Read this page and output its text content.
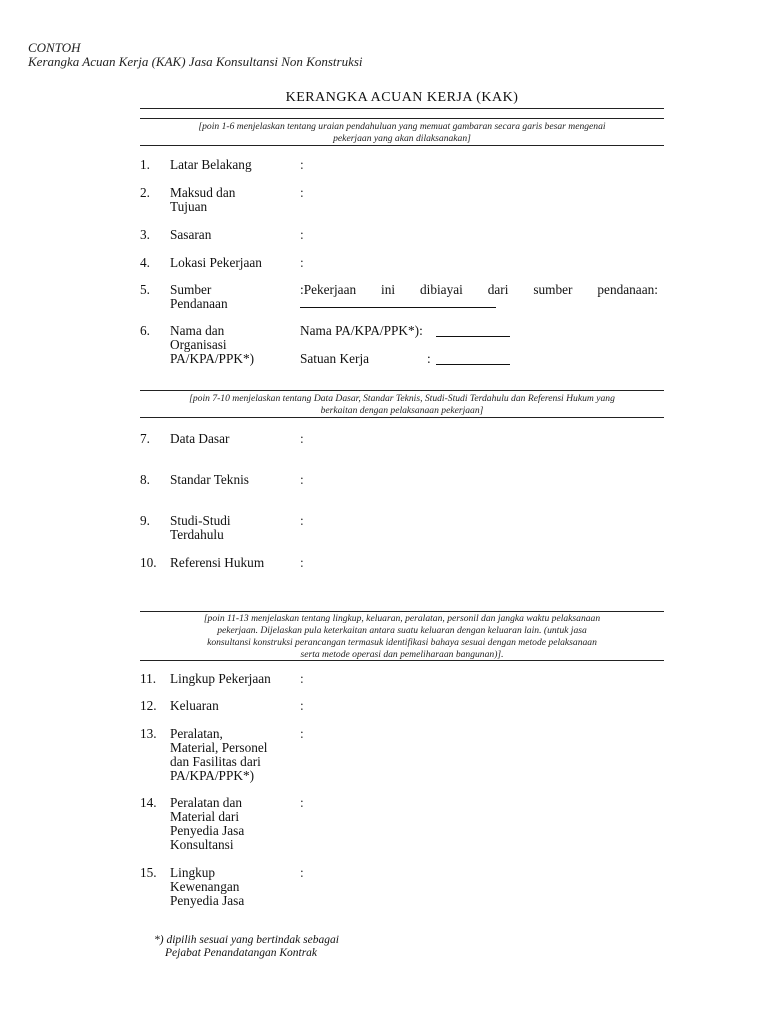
CONTOH
Kerangka Acuan Kerja (KAK) Jasa Konsultansi Non Konstruksi
KERANGKA ACUAN KERJA (KAK)
[poin 1-6 menjelaskan tentang uraian pendahuluan yang memuat gambaran secara garis besar mengenai
pekerjaan yang akan dilaksanakan]
1.	Latar Belakang	:
2.	Maksud dan
Tujuan
:
3.	Sasaran	:
4.	Lokasi Pekerjaan	:
5.	Sumber
Pendanaan
:Pekerjaan ini dibiayai dari sumber pendanaan:
6.	Nama dan
Organisasi
PA/KPA/PPK*)
Nama PA/KPA/PPK*):
Satuan Kerja	:
[poin 7-10 menjelaskan tentang Data Dasar, Standar Teknis, Studi-Studi Terdahulu dan Referensi Hukum yang
berkaitan dengan pelaksanaan pekerjaan]
7.	Data Dasar	:
8.	Standar Teknis	:
9.	Studi-Studi
Terdahulu
:
10.	Referensi Hukum	:
[poin 11-13 menjelaskan tentang lingkup, keluaran, peralatan, personil dan jangka waktu pelaksanaan
pekerjaan. Dijelaskan pula keterkaitan antara suatu keluaran dengan keluaran lain. (untuk jasa
konsultansi konstruksi perancangan termasuk identifikasi bahaya sesuai dengan metode pelaksanaan
serta metode operasi dan pemeliharaan bangunan)].
11.	Lingkup Pekerjaan	:
12.	Keluaran	:
13.	Peralatan,
Material, Personel
dan Fasilitas dari
PA/KPA/PPK*)
:
14.	Peralatan dan
Material dari
Penyedia Jasa
Konsultansi
:
15.	Lingkup
Kewenangan
Penyedia Jasa
:
*) dipilih sesuai yang bertindak sebagai
Pejabat Penandatangan Kontrak
